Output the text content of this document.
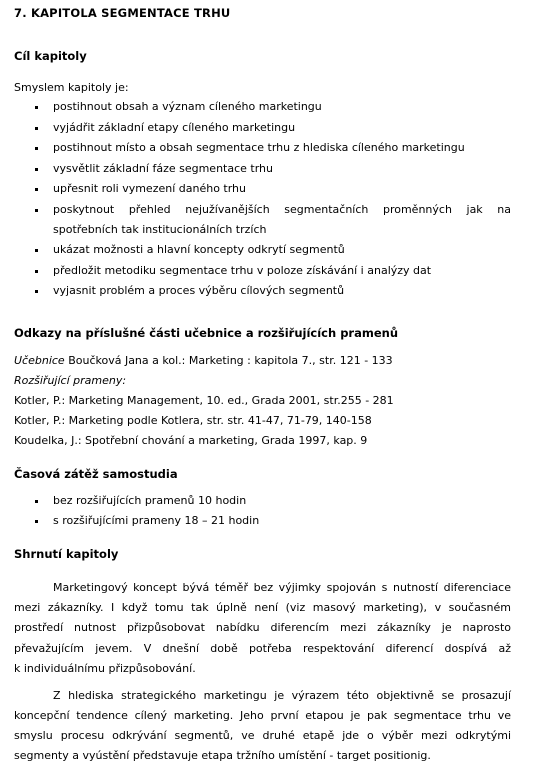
7. KAPITOLA SEGMENTACE TRHU
Cíl kapitoly
Smyslem kapitoly je:
postihnout obsah a význam cíleného marketingu
vyjádřit základní etapy cíleného marketingu
postihnout místo a obsah segmentace trhu z hlediska cíleného marketingu
vysvětlit základní fáze segmentace trhu
upřesnit roli vymezení daného trhu
poskytnout přehled nejužívanějších segmentačních proměnných jak na
spotřebních tak institucionálních trzích
ukázat možnosti a hlavní koncepty odkrytí segmentů
předložit metodiku segmentace trhu v poloze získávání i analýzy dat
vyjasnit problém a proces výběru cílových segmentů
Odkazy na příslušné části učebnice a rozšiřujících pramenů
Učebnice Boučková Jana a kol.: Marketing : kapitola 7., str. 121 - 133
Rozšiřující prameny:
Kotler, P.: Marketing Management, 10. ed., Grada 2001, str.255 - 281
Kotler, P.: Marketing podle Kotlera, str. str. 41-47, 71-79, 140-158
Koudelka, J.: Spotřební chování a marketing, Grada 1997, kap. 9
Časová zátěž samostudia
bez rozšiřujících pramenů 10 hodin
s rozšiřujícími prameny 18 – 21 hodin
Shrnutí kapitoly
Marketingový koncept bývá téměř bez výjimky spojován s nutností diferenciace
mezi zákazníky. I když tomu tak úplně není (viz masový marketing), v současném
prostředí nutnost přizpůsobovat nabídku diferencím mezi zákazníky je naprosto
převažujícím jevem. V dnešní době potřeba respektování diferencí dospívá až
k individuálnímu přizpůsobování.
Z hlediska strategického marketingu je výrazem této objektivně se prosazují
koncepční tendence cílený marketing. Jeho první etapou je pak segmentace trhu ve
smyslu procesu odkrývání segmentů, ve druhé etapě jde o výběr mezi odkrytými
segmenty a vyústění představuje etapa tržního umístění - target positionig.
